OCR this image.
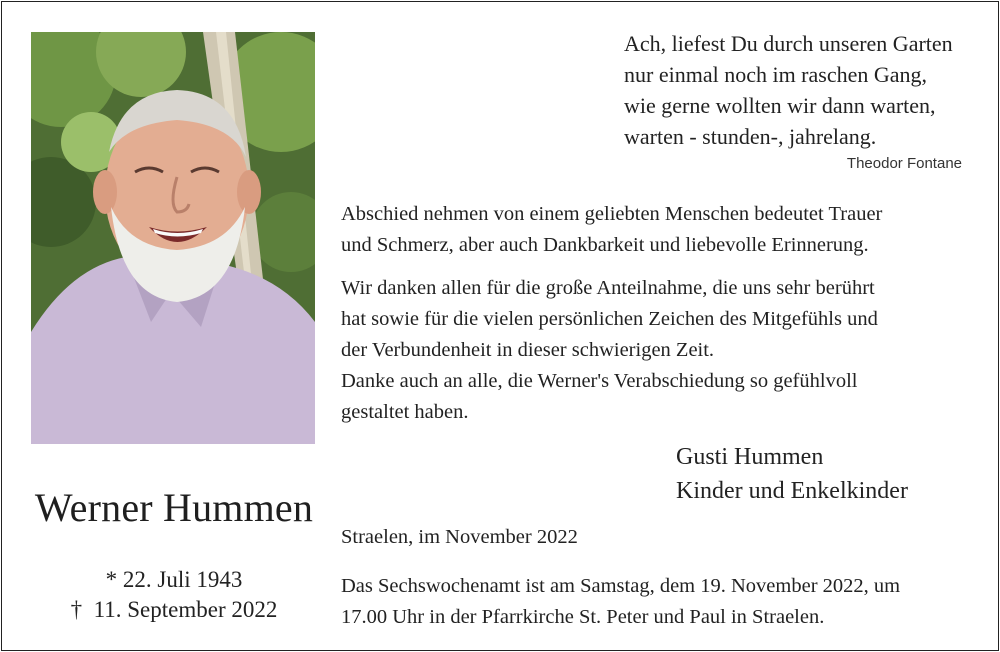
Werner Hummen
* 22. Juli 1943
† 11. September 2022
Ach, liefest Du durch unseren Garten
nur einmal noch im raschen Gang,
wie gerne wollten wir dann warten,
warten - stunden-, jahrelang.
Theodor Fontane
Abschied nehmen von einem geliebten Menschen bedeutet Trauer
und Schmerz, aber auch Dankbarkeit und liebevolle Erinnerung.
Wir danken allen für die große Anteilnahme, die uns sehr berührt
hat sowie für die vielen persönlichen Zeichen des Mitgefühls und
der Verbundenheit in dieser schwierigen Zeit.
Danke auch an alle, die Werner's Verabschiedung so gefühlvoll
gestaltet haben.
Gusti Hummen
Kinder und Enkelkinder
Straelen, im November 2022
Das Sechswochenamt ist am Samstag, dem 19. November 2022, um
17.00 Uhr in der Pfarrkirche St. Peter und Paul in Straelen.
